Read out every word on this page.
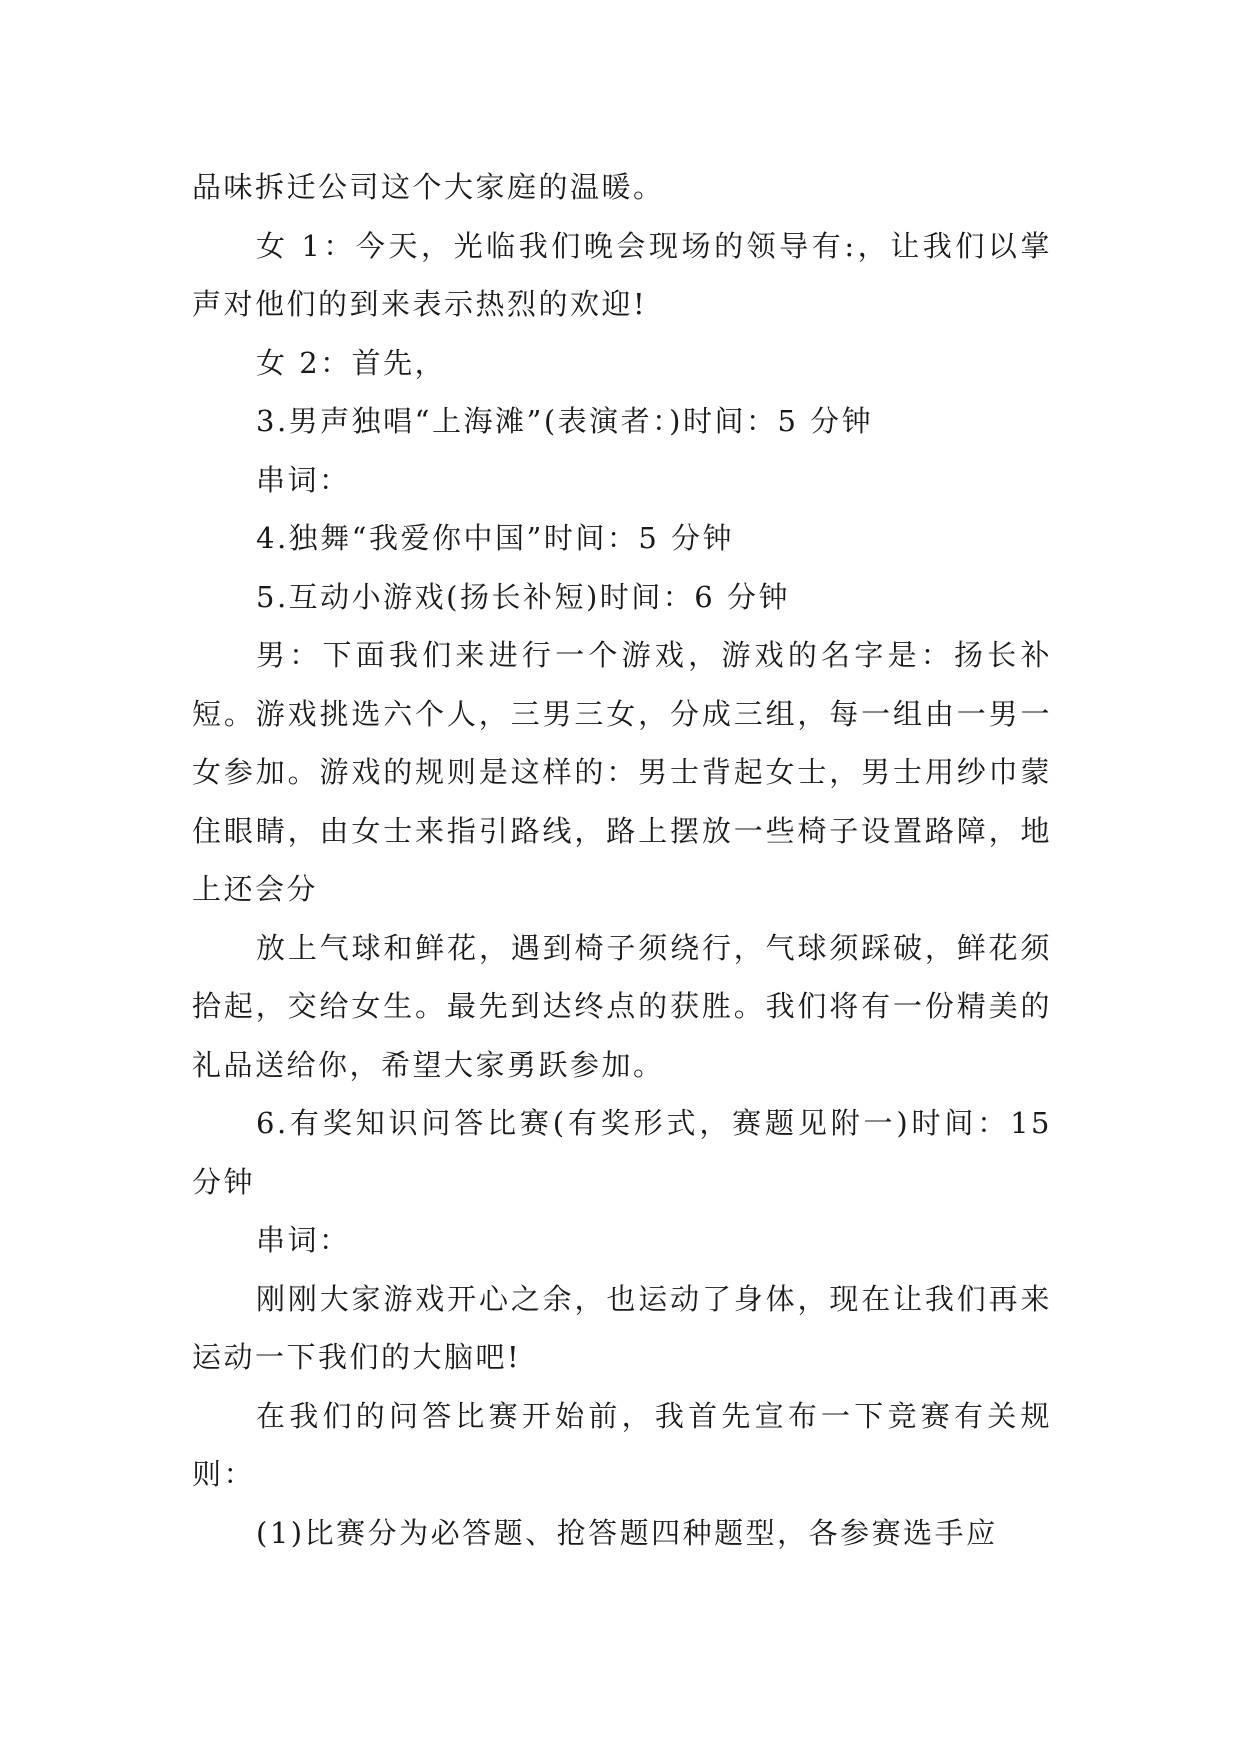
品味拆迁公司这个大家庭的温暖。

女 1：今天，光临我们晚会现场的领导有:，让我们以掌声对他们的到来表示热烈的欢迎!

女 2：首先，

3.男声独唱“上海滩”(表演者：)时间：5 分钟

串词：

4.独舞“我爱你中国”时间：5 分钟

5.互动小游戏(扬长补短)时间：6 分钟

男：下面我们来进行一个游戏，游戏的名字是：扬长补短。游戏挑选六个人，三男三女，分成三组，每一组由一男一女参加。游戏的规则是这样的：男士背起女士，男士用纱巾蒙住眼睛，由女士来指引路线，路上摆放一些椅子设置路障，地上还会分

放上气球和鲜花，遇到椅子须绕行，气球须踩破，鲜花须拾起，交给女生。最先到达终点的获胜。我们将有一份精美的礼品送给你，希望大家勇跃参加。

6.有奖知识问答比赛(有奖形式，赛题见附一)时间：15 分钟

串词：

刚刚大家游戏开心之余，也运动了身体，现在让我们再来运动一下我们的大脑吧!

在我们的问答比赛开始前，我首先宣布一下竞赛有关规则：

(1)比赛分为必答题、抢答题四种题型，各参赛选手应
